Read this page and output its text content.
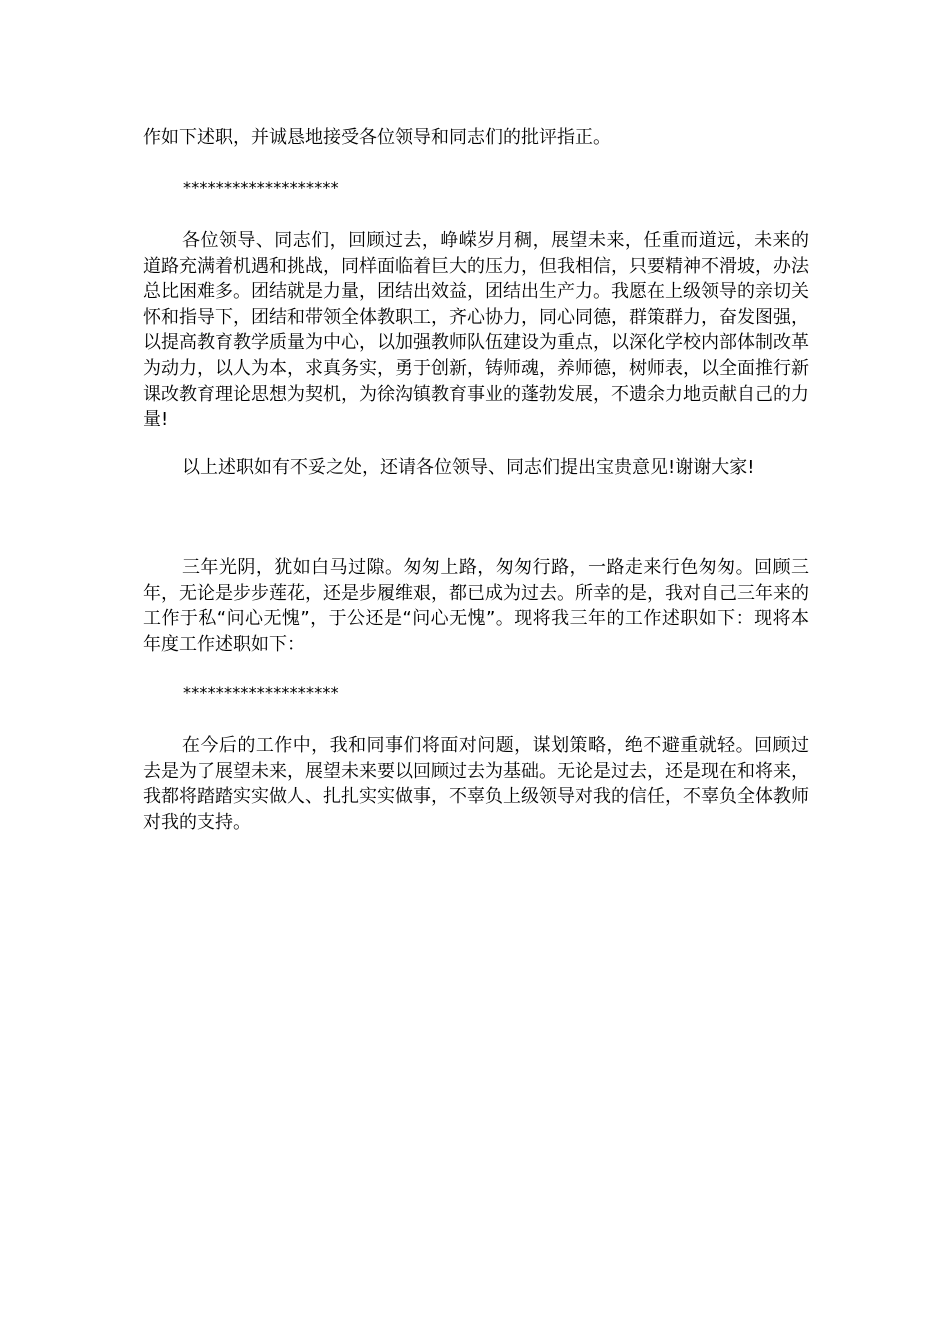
作如下述职，并诚恳地接受各位领导和同志们的批评指正。
*******************
各位领导、同志们，回顾过去，峥嵘岁月稠，展望未来，任重而道远，未来的道路充满着机遇和挑战，同样面临着巨大的压力，但我相信，只要精神不滑坡，办法总比困难多。团结就是力量，团结出效益，团结出生产力。我愿在上级领导的亲切关怀和指导下，团结和带领全体教职工，齐心协力，同心同德，群策群力，奋发图强，以提高教育教学质量为中心，以加强教师队伍建设为重点，以深化学校内部体制改革为动力，以人为本，求真务实，勇于创新，铸师魂，养师德，树师表，以全面推行新课改教育理论思想为契机，为徐沟镇教育事业的蓬勃发展，不遗余力地贡献自己的力量!
以上述职如有不妥之处，还请各位领导、同志们提出宝贵意见!谢谢大家!
三年光阴，犹如白马过隙。匆匆上路，匆匆行路，一路走来行色匆匆。回顾三年，无论是步步莲花，还是步履维艰，都已成为过去。所幸的是，我对自己三年来的工作于私“问心无愧”，于公还是“问心无愧”。现将我三年的工作述职如下：现将本年度工作述职如下：
*******************
在今后的工作中，我和同事们将面对问题，谋划策略，绝不避重就轻。回顾过去是为了展望未来，展望未来要以回顾过去为基础。无论是过去，还是现在和将来，我都将踏踏实实做人、扎扎实实做事，不辜负上级领导对我的信任，不辜负全体教师对我的支持。
